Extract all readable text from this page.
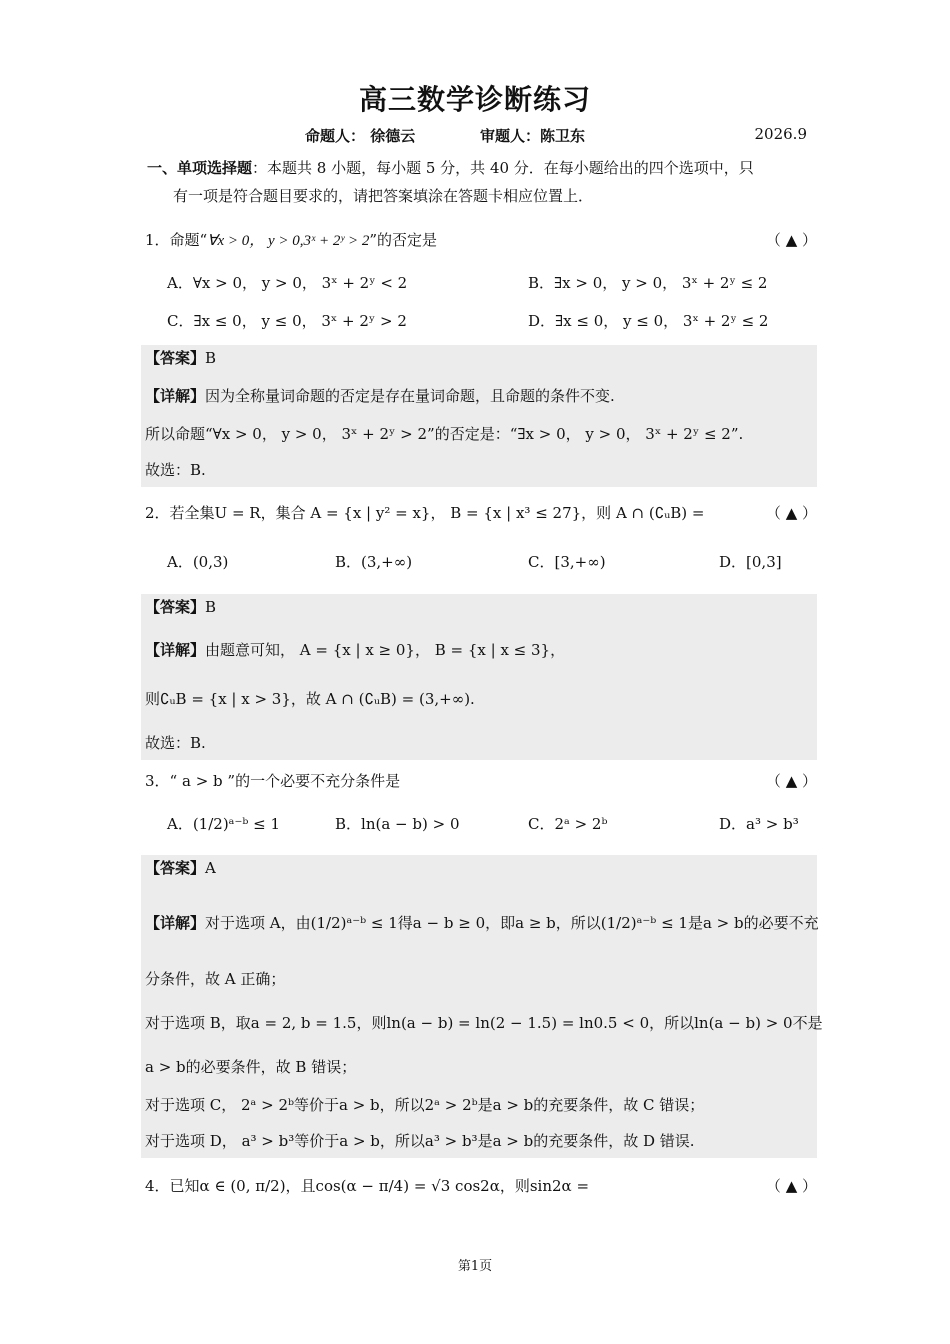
高三数学诊断练习
命题人： 徐德云	审题人：陈卫东	2026.9
一、单项选择题：本题共 8 小题，每小题 5 分，共 40 分．在每小题给出的四个选项中，只
有一项是符合题目要求的，请把答案填涂在答题卡相应位置上．
1．命题“∀x > 0， y > 0,3ˣ + 2ʸ > 2”的否定是	（ ▲ ）
A．∀x > 0， y > 0， 3ˣ + 2ʸ < 2	B．∃x > 0， y > 0， 3ˣ + 2ʸ ≤ 2
C．∃x ≤ 0， y ≤ 0， 3ˣ + 2ʸ > 2	D．∃x ≤ 0， y ≤ 0， 3ˣ + 2ʸ ≤ 2
【答案】B
【详解】因为全称量词命题的否定是存在量词命题，且命题的条件不变.
所以命题“∀x > 0， y > 0， 3ˣ + 2ʸ > 2”的否定是：“∃x > 0， y > 0， 3ˣ + 2ʸ ≤ 2”.
故选：B.
2．若全集U = R，集合 A = {x | y² = x}， B = {x | x³ ≤ 27}，则 A ∩ (∁ᵤB) =	（ ▲ ）
A．(0,3)	B．(3,+∞)	C．[3,+∞)	D．[0,3]
【答案】B
【详解】由题意可知， A = {x | x ≥ 0}， B = {x | x ≤ 3}，
则∁ᵤB = {x | x > 3}，故 A ∩ (∁ᵤB) = (3,+∞).
故选：B.
3．“ a > b ”的一个必要不充分条件是	（ ▲ ）
A．(1/2)ᵃ⁻ᵇ ≤ 1	B．ln(a − b) > 0	C．2ᵃ > 2ᵇ	D．a³ > b³
【答案】A
【详解】对于选项 A，由(1/2)ᵃ⁻ᵇ ≤ 1得a − b ≥ 0，即a ≥ b，所以(1/2)ᵃ⁻ᵇ ≤ 1是a > b的必要不充
分条件，故 A 正确；
对于选项 B，取a = 2, b = 1.5，则ln(a − b) = ln(2 − 1.5) = ln0.5 < 0，所以ln(a − b) > 0不是
a > b的必要条件，故 B 错误；
对于选项 C， 2ᵃ > 2ᵇ等价于a > b，所以2ᵃ > 2ᵇ是a > b的充要条件，故 C 错误；
对于选项 D， a³ > b³等价于a > b，所以a³ > b³是a > b的充要条件，故 D 错误.
4．已知α ∈ (0, π/2)，且cos(α − π/4) = √3 cos2α，则sin2α =	（ ▲ ）
第1页
